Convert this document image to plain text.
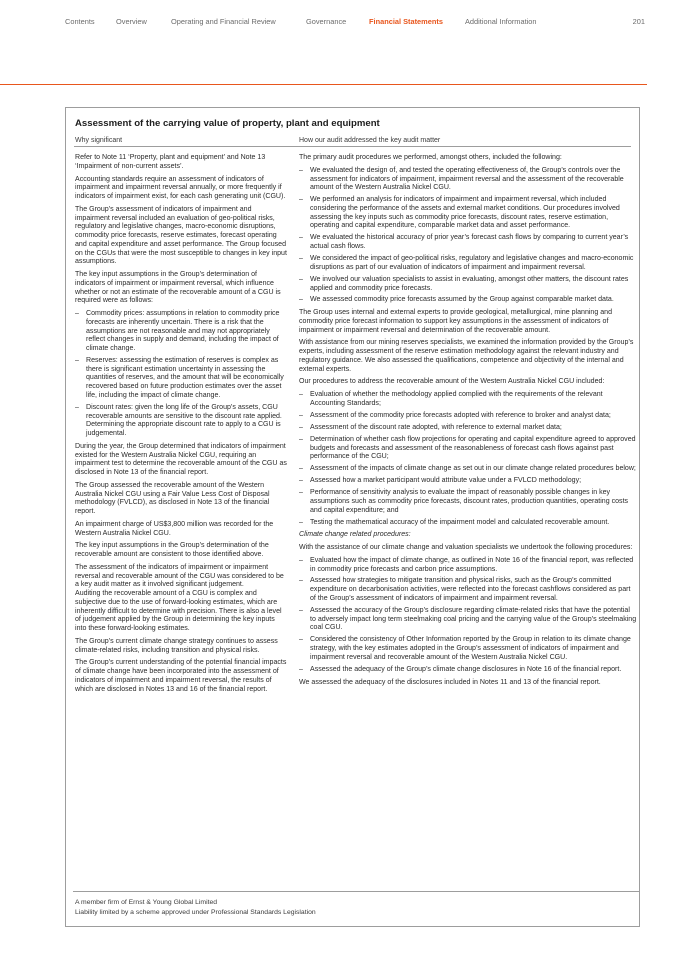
Contents	Overview	Operating and Financial Review	Governance	Financial Statements	Additional Information	201
Assessment of the carrying value of property, plant and equipment
Why significant	How our audit addressed the key audit matter

Refer to Note 11 ‘Property, plant and equipment’ and Note 13 ‘Impairment of non-current assets’.

Accounting standards require an assessment of indicators of impairment and impairment reversal annually, or more frequently if indicators of impairment exist, for each cash generating unit (CGU).

The Group’s assessment of indicators of impairment and impairment reversal included an evaluation of geo-political risks, regulatory and legislative changes, macro-economic disruptions, commodity price forecasts, reserve estimates, forecast operating and capital expenditure and asset performance. The Group focused on the CGUs that were the most susceptible to changes in key input assumptions.

The key input assumptions in the Group’s determination of indicators of impairment or impairment reversal, which influence whether or not an estimate of the recoverable amount of a CGU is required were as follows:

– Commodity prices: assumptions in relation to commodity price forecasts are inherently uncertain. There is a risk that the assumptions are not reasonable and may not appropriately reflect changes in supply and demand, including the impact of climate change.
– Reserves: assessing the estimation of reserves is complex as there is significant estimation uncertainty in assessing the quantities of reserves, and the amount that will be economically recovered based on future production estimates over the asset life, including the impact of climate change.
– Discount rates: given the long life of the Group’s assets, CGU recoverable amounts are sensitive to the discount rate applied. Determining the appropriate discount rate to apply to a CGU is judgemental.

During the year, the Group determined that indicators of impairment existed for the Western Australia Nickel CGU, requiring an impairment test to determine the recoverable amount of the CGU as disclosed in Note 13 of the financial report.

The Group assessed the recoverable amount of the Western Australia Nickel CGU using a Fair Value Less Cost of Disposal methodology (FVLCD), as disclosed in Note 13 of the financial report.

An impairment charge of US$3,800 million was recorded for the Western Australia Nickel CGU.

The key input assumptions in the Group’s determination of the recoverable amount are consistent to those identified above.

The assessment of the indicators of impairment or impairment reversal and recoverable amount of the CGU was considered to be a key audit matter as it involved significant judgement.

Auditing the recoverable amount of a CGU is complex and subjective due to the use of forward-looking estimates, which are inherently difficult to determine with precision. There is also a level of judgement applied by the Group in determining the key inputs into these forward-looking estimates.

The Group’s current climate change strategy continues to assess climate-related risks, including transition and physical risks.

The Group’s current understanding of the potential financial impacts of climate change have been incorporated into the assessment of indicators of impairment and impairment reversal, the results of which are disclosed in Notes 13 and 16 of the financial report.

The primary audit procedures we performed, amongst others, included the following:

– We evaluated the design of, and tested the operating effectiveness of, the Group’s controls over the assessment for indicators of impairment, impairment reversal and the assessment of the recoverable amount of the Western Australia Nickel CGU.
– We performed an analysis for indicators of impairment and impairment reversal, which included considering the performance of the assets and external market conditions. Our procedures involved assessing the key inputs such as commodity price forecasts, discount rates, reserve estimation, operating and capital expenditure, comparable market data and asset performance.
– We evaluated the historical accuracy of prior year’s forecast cash flows by comparing to current year’s actual cash flows.
– We considered the impact of geo-political risks, regulatory and legislative changes and macro-economic disruptions as part of our evaluation of indicators of impairment and impairment reversal.
– We involved our valuation specialists to assist in evaluating, amongst other matters, the discount rates applied and commodity price forecasts.
– We assessed commodity price forecasts assumed by the Group against comparable market data.

The Group uses internal and external experts to provide geological, metallurgical, mine planning and commodity price forecast information to support key assumptions in the assessment of indicators of impairment or impairment reversal and determination of the recoverable amount.

With assistance from our mining reserves specialists, we examined the information provided by the Group’s experts, including assessment of the reserve estimation methodology against the relevant industry and regulatory guidance. We also assessed the qualifications, competence and objectivity of the internal and external experts.

Our procedures to address the recoverable amount of the Western Australia Nickel CGU included:

– Evaluation of whether the methodology applied complied with the requirements of the relevant Accounting Standards;
– Assessment of the commodity price forecasts adopted with reference to broker and analyst data;
– Assessment of the discount rate adopted, with reference to external market data;
– Determination of whether cash flow projections for operating and capital expenditure agreed to approved budgets and forecasts and assessment of the reasonableness of forecast cash flows against past performance of the CGU;
– Assessment of the impacts of climate change as set out in our climate change related procedures below;
– Assessed how a market participant would attribute value under a FVLCD methodology;
– Performance of sensitivity analysis to evaluate the impact of reasonably possible changes in key assumptions such as commodity price forecasts, discount rates, production quantities, operating costs and capital expenditure; and
– Testing the mathematical accuracy of the impairment model and calculated recoverable amount.

Climate change related procedures:

With the assistance of our climate change and valuation specialists we undertook the following procedures:

– Evaluated how the impact of climate change, as outlined in Note 16 of the financial report, was reflected in commodity price forecasts and carbon price assumptions.
– Assessed how strategies to mitigate transition and physical risks, such as the Group’s committed expenditure on decarbonisation activities, were reflected into the forecast cashflows considered as part of the Group’s assessment of indicators of impairment and impairment reversal.
– Assessed the accuracy of the Group’s disclosure regarding climate-related risks that have the potential to adversely impact long term steelmaking coal pricing and the carrying value of the Group’s steelmaking coal CGU.
– Considered the consistency of Other Information reported by the Group in relation to its climate change strategy, with the key estimates adopted in the Group’s assessment of indicators of impairment and impairment reversal and recoverable amount of the Western Australia Nickel CGU.
– Assessed the adequacy of the Group’s climate change disclosures in Note 16 of the financial report.

We assessed the adequacy of the disclosures included in Notes 11 and 13 of the financial report.

A member firm of Ernst & Young Global Limited
Liability limited by a scheme approved under Professional Standards Legislation
